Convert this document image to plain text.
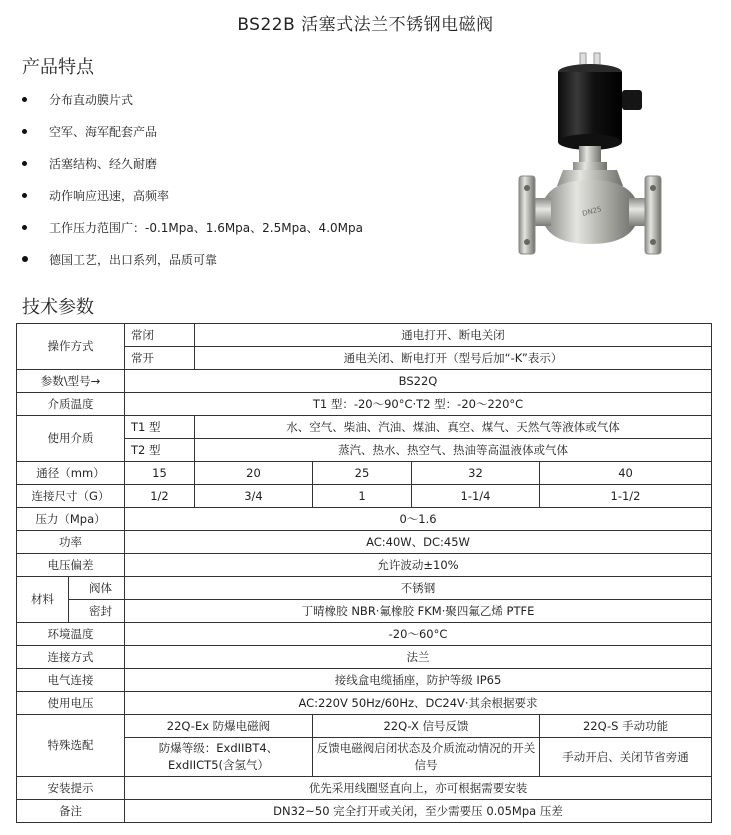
BS22B 活塞式法兰不锈钢电磁阀
产品特点
分布直动膜片式
空军、海军配套产品
活塞结构、经久耐磨
动作响应迅速，高频率
工作压力范围广：-0.1Mpa、1.6Mpa、2.5Mpa、4.0Mpa
德国工艺，出口系列，品质可靠
DN25
技术参数
操作方式		常闭	通电打开、断电关闭				
		常开	通电关闭、断电打开（型号后加“-K”表示）				
参数\型号→		BS22Q					
介质温度		T1 型：-20～90°C·T2 型：-20～220°C					
使用介质		T1 型	水、空气、柴油、汽油、煤油、真空、煤气、天然气等液体或气体				
		T2 型	蒸汽、热水、热空气、热油等高温液体或气体				
通径（mm）		15	20	25	32	40	
连接尺寸（G）		1/2	3/4	1	1-1/4	1-1/2	
压力（Mpa）		0～1.6					
功率		AC:40W、DC:45W					
电压偏差		允许波动±10%					
材料	阀体	不锈钢					
	密封	丁晴橡胶 NBR·氟橡胶 FKM·聚四氟乙烯 PTFE					
环境温度		-20～60°C					
连接方式		法兰					
电气连接		接线盒电缆插座，防护等级 IP65					
使用电压		AC:220V 50Hz/60Hz、DC24V·其余根据要求					
特殊选配		22Q-Ex 防爆电磁阀		22Q-X 信号反馈		22Q-S 手动功能	
		防爆等级：ExdIIBT4、ExdIICT5(含氢气）		反馈电磁阀启闭状态及介质流动情况的开关信号		手动开启、关闭节省旁通	
安装提示		优先采用线圈竖直向上，亦可根据需要安装					
备注		DN32~50 完全打开或关闭，至少需要压 0.05Mpa 压差					
